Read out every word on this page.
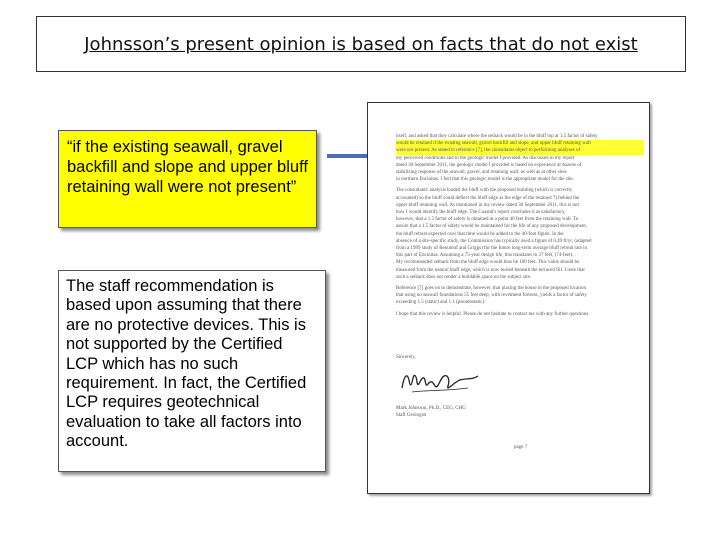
Johnsson’s present opinion is based on facts that do not exist
“if the existing seawall, gravel backfill and slope and upper bluff retaining wall were not present”
The staff recommendation is based upon assuming that there are no protective devices. This is not supported by the Certified LCP which has no such requirement. In fact, the Certified LCP requires geotechnical evaluation to take all factors into account.
itself, and asked that they calculate where the setback would be in the bluff top at 1.5 factor of safety
would be retained if the existing seawall, gravel backfill and slope, and upper bluff retaining wall
were not present. As stated in reference [7], the consultants object to performing analyses of
my perceived conditions and to the geologic model I provided. As discussed in my report
dated 30 September 2011, the geologic model I provided is based on experience at dozens of
stabilizing response of the seawall, gravel, and retaining wall, as well as at other sites
in northern Encinitas. I feel that this geologic model is the appropriate model for the site.
The consultants' analysis loaded the bluff with the proposed building (which is correctly
accounted) so the bluff could deflect the bluff edge as the edge of the retained 7) behind the
upper bluff retaining wall. As mentioned in my review dated 30 September 2011, this is not
how I would identify the bluff edge. The Coastal's report concludes it as satisfactory,
however, that a 1.5 factor of safety is obtained at a point 40 feet from the retaining wall. To
assure that a 1.5 factor of safety would be maintained for the life of any proposed development,
the bluff retreat expected over that time would be added to the 40-foot figure. In the
absence of a site-specific study, the Commission has typically used a figure of 0.49 ft/yr, (adapted
from a 1999 study of Benumof and Griggs) for the future long-term average bluff retreat rate in
this part of Encinitas. Assuming a 75-year design life, this translates to 37 feet, (74-feet).
My recommended setback from the bluff edge would thus be 100 feet. This value should be
measured from the natural bluff edge, which is now buried beneath the terraced fill. I note that
such a setback does not render a buildable space on the subject site.
Reference [7] goes on to demonstrate, however, that placing the house in the proposed location
that using no seawall foundations 55 feet deep, with revetment fortress, yields a factor of safety
exceeding 1.5 (static) and 1.1 (pseudostatic).
I hope that this review is helpful. Please do not hesitate to contact me with any further questions.
Sincerely,
Mark Johnsson, Ph.D., CEG, CHG
Staff Geologist
page 7
